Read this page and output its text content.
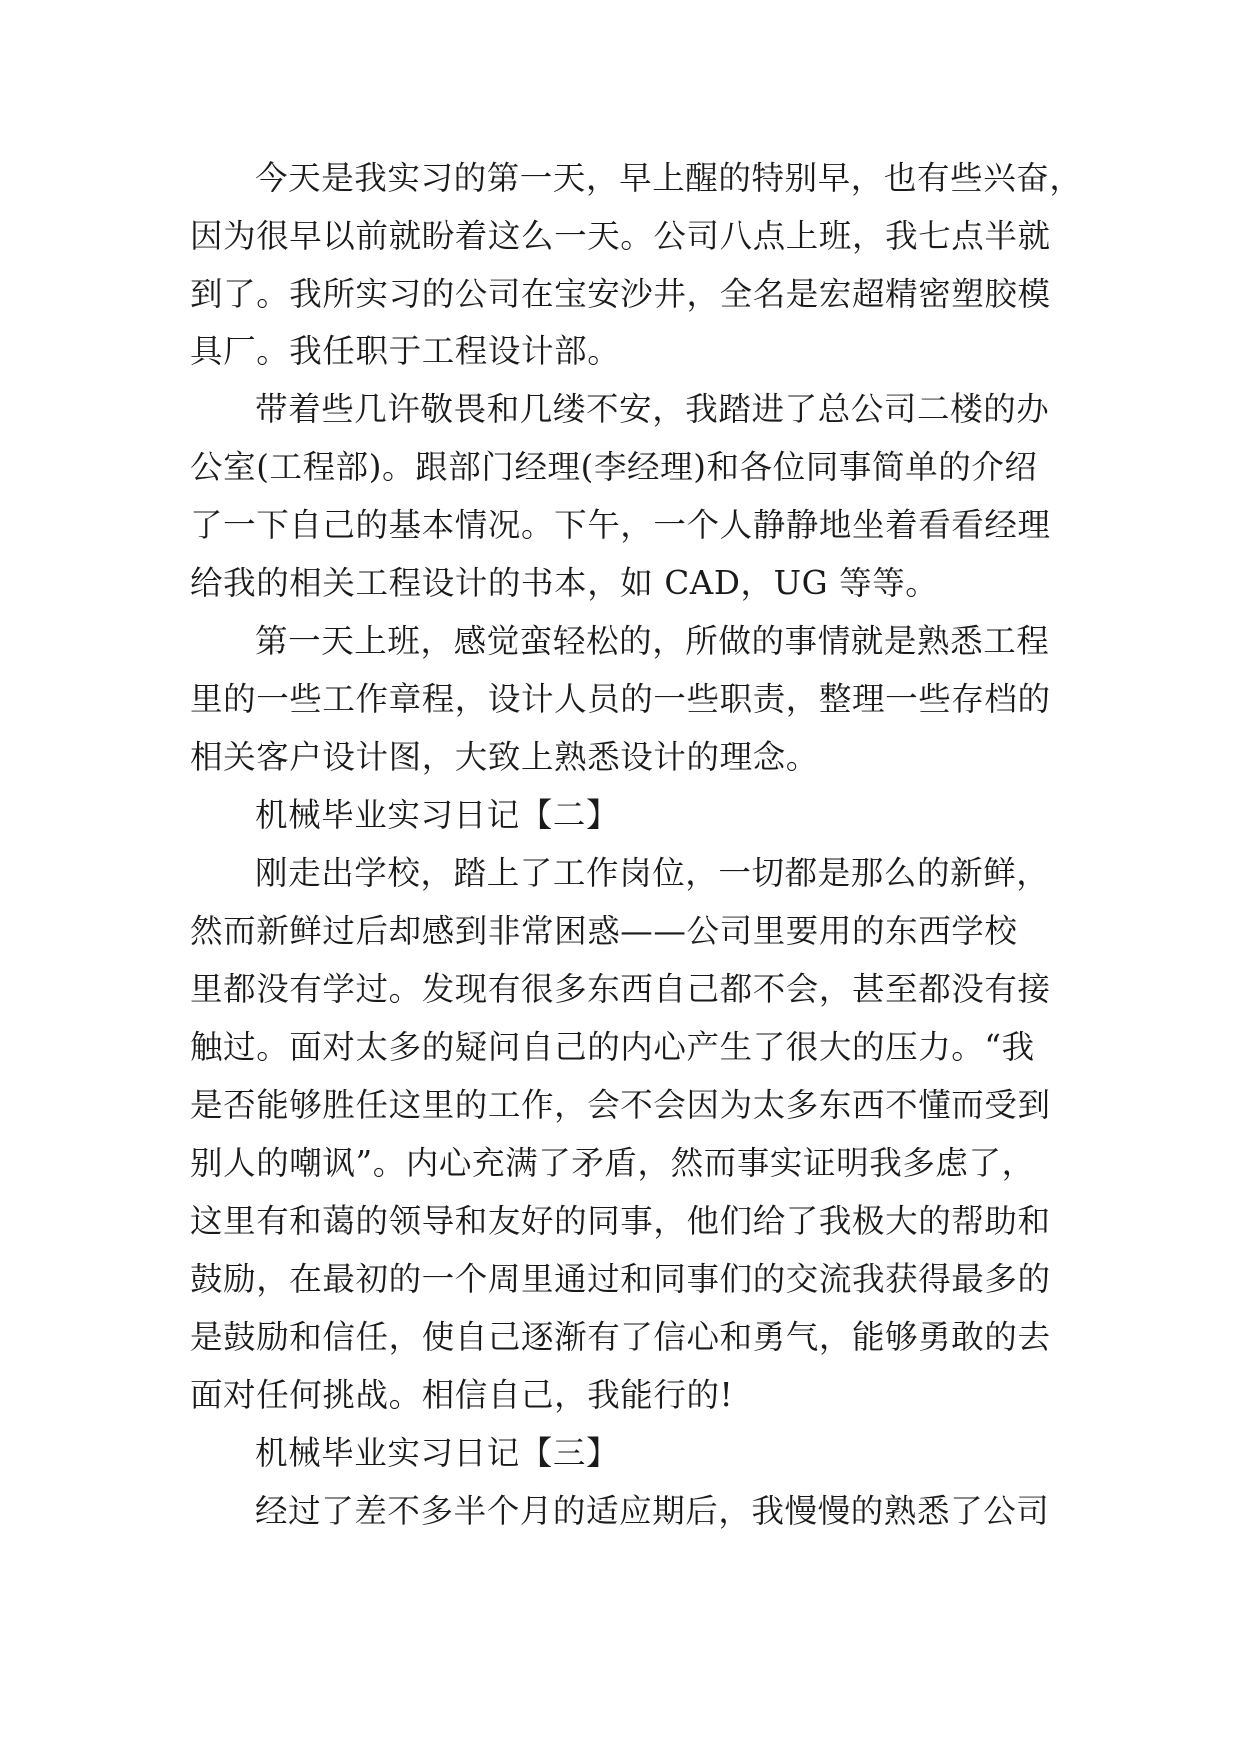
今天是我实习的第一天，早上醒的特别早，也有些兴奋，
因为很早以前就盼着这么一天。公司八点上班，我七点半就
到了。我所实习的公司在宝安沙井，全名是宏超精密塑胶模
具厂。我任职于工程设计部。
带着些几许敬畏和几缕不安，我踏进了总公司二楼的办
公室(工程部)。跟部门经理(李经理)和各位同事简单的介绍
了一下自己的基本情况。下午，一个人静静地坐着看看经理
给我的相关工程设计的书本，如 CAD，UG 等等。
第一天上班，感觉蛮轻松的，所做的事情就是熟悉工程
里的一些工作章程，设计人员的一些职责，整理一些存档的
相关客户设计图，大致上熟悉设计的理念。
机械毕业实习日记【二】
刚走出学校，踏上了工作岗位，一切都是那么的新鲜，
然而新鲜过后却感到非常困惑——公司里要用的东西学校
里都没有学过。发现有很多东西自己都不会，甚至都没有接
触过。面对太多的疑问自己的内心产生了很大的压力。“我
是否能够胜任这里的工作，会不会因为太多东西不懂而受到
别人的嘲讽”。内心充满了矛盾，然而事实证明我多虑了，
这里有和蔼的领导和友好的同事，他们给了我极大的帮助和
鼓励，在最初的一个周里通过和同事们的交流我获得最多的
是鼓励和信任，使自己逐渐有了信心和勇气，能够勇敢的去
面对任何挑战。相信自己，我能行的!
机械毕业实习日记【三】
经过了差不多半个月的适应期后，我慢慢的熟悉了公司
